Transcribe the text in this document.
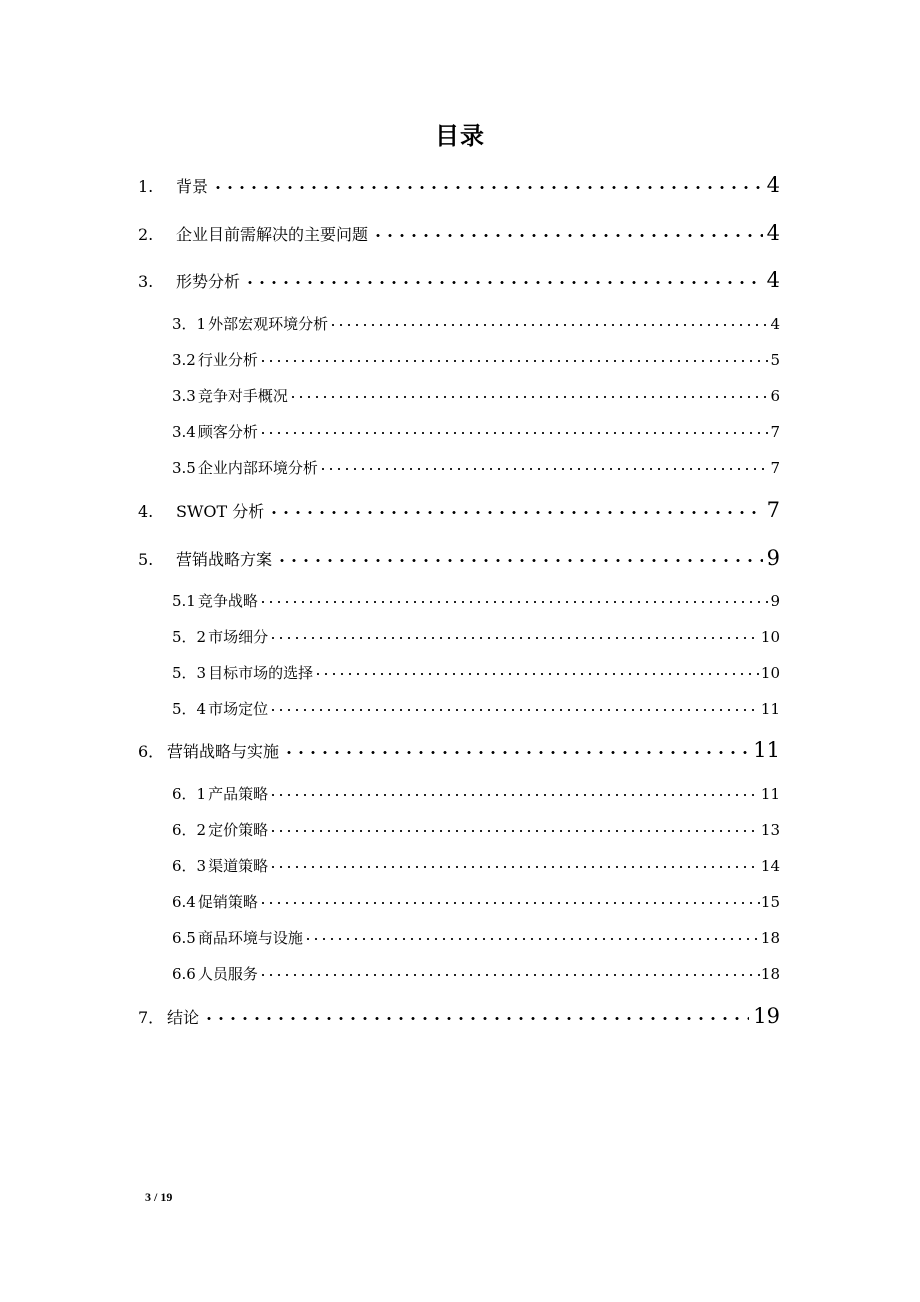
目录
1.	背景	4
2.	企业目前需解决的主要问题	4
3.	形势分析	4
3．1 外部宏观环境分析	4
3.2 行业分析	5
3.3 竞争对手概况	6
3.4 顾客分析	7
3.5 企业内部环境分析	7
4.	SWOT 分析	7
5.	营销战略方案	9
5.1 竞争战略	9
5．2 市场细分	10
5．3 目标市场的选择	10
5．4 市场定位	11
6． 营销战略与实施	11
6．1 产品策略	11
6．2 定价策略	13
6．3 渠道策略	14
6.4 促销策略	15
6.5 商品环境与设施	18
6.6 人员服务	18
7． 结论	19
3 / 19
